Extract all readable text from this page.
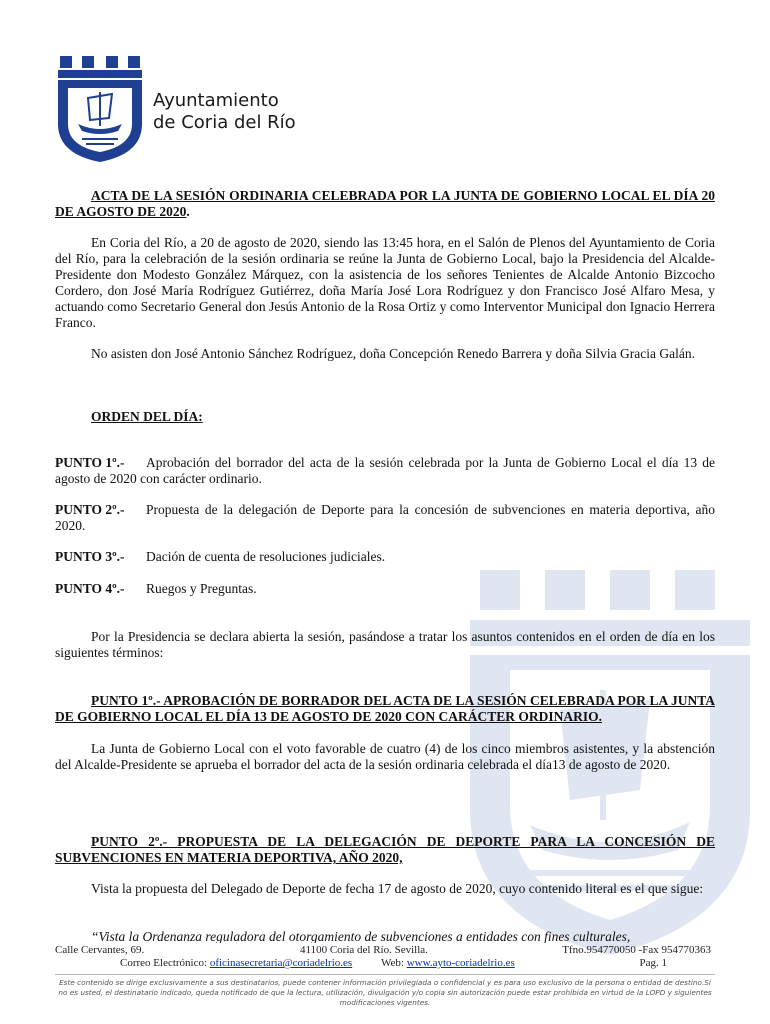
Ayuntamiento
de Coria del Río
ACTA DE LA SESIÓN ORDINARIA CELEBRADA POR LA JUNTA DE GOBIERNO LOCAL EL DÍA 20 DE AGOSTO DE 2020.
En Coria del Río, a 20 de agosto de 2020, siendo las 13:45 hora, en el Salón de Plenos del Ayuntamiento de Coria del Río, para la celebración de la sesión ordinaria se reúne la Junta de Gobierno Local, bajo la Presidencia del Alcalde-Presidente don Modesto González Márquez, con la asistencia de los señores Tenientes de Alcalde Antonio Bizcocho Cordero, don José María Rodríguez Gutiérrez, doña María José Lora Rodríguez y don Francisco José Alfaro Mesa, y actuando como Secretario General don Jesús Antonio de la Rosa Ortiz y como Interventor Municipal don Ignacio Herrera Franco.
No asisten don José Antonio Sánchez Rodríguez, doña Concepción Renedo Barrera y doña Silvia Gracia Galán.
ORDEN DEL DÍA:
PUNTO 1º.- Aprobación del borrador del acta de la sesión celebrada por la Junta de Gobierno Local el día 13 de agosto de 2020 con carácter ordinario.
PUNTO 2º.- Propuesta de la delegación de Deporte para la concesión de subvenciones en materia deportiva, año 2020.
PUNTO 3º.- Dación de cuenta de resoluciones judiciales.
PUNTO 4º.- Ruegos y Preguntas.
Por la Presidencia se declara abierta la sesión, pasándose a tratar los asuntos contenidos en el orden de día en los siguientes términos:
PUNTO 1º.- APROBACIÓN DE BORRADOR DEL ACTA DE LA SESIÓN CELEBRADA POR LA JUNTA DE GOBIERNO LOCAL EL DÍA 13 DE AGOSTO DE 2020 CON CARÁCTER ORDINARIO.
La Junta de Gobierno Local con el voto favorable de cuatro (4) de los cinco miembros asistentes, y la abstención del Alcalde-Presidente se aprueba el borrador del acta de la sesión ordinaria celebrada el día13 de agosto de 2020.
PUNTO 2º.- PROPUESTA DE LA DELEGACIÓN DE DEPORTE PARA LA CONCESIÓN DE SUBVENCIONES EN MATERIA DEPORTIVA, AÑO 2020,
Vista la propuesta del Delegado de Deporte de fecha 17 de agosto de 2020, cuyo contenido literal es el que sigue:
“Vista la Ordenanza reguladora del otorgamiento de subvenciones a entidades con fines culturales,
Calle Cervantes, 69.	41100 Coria del Río. Sevilla.	Tfno.954770050 -Fax 954770363
Correo Electrónico: oficinasecretaria@coriadelrio.es	Web: www.ayto-coriadelrio.es	Pag. 1
Este contenido se dirige exclusivamente a sus destinatarios, puede contener información privilegiada o confidencial y es para uso exclusivo de la persona o entidad de destino.Si no es usted, el destinatario indicado, queda notificado de que la lectura, utilización, divulgación y/o copia sin autorización puede estar prohibida en virtud de la LOPD y siguientes modificaciones vigentes.
